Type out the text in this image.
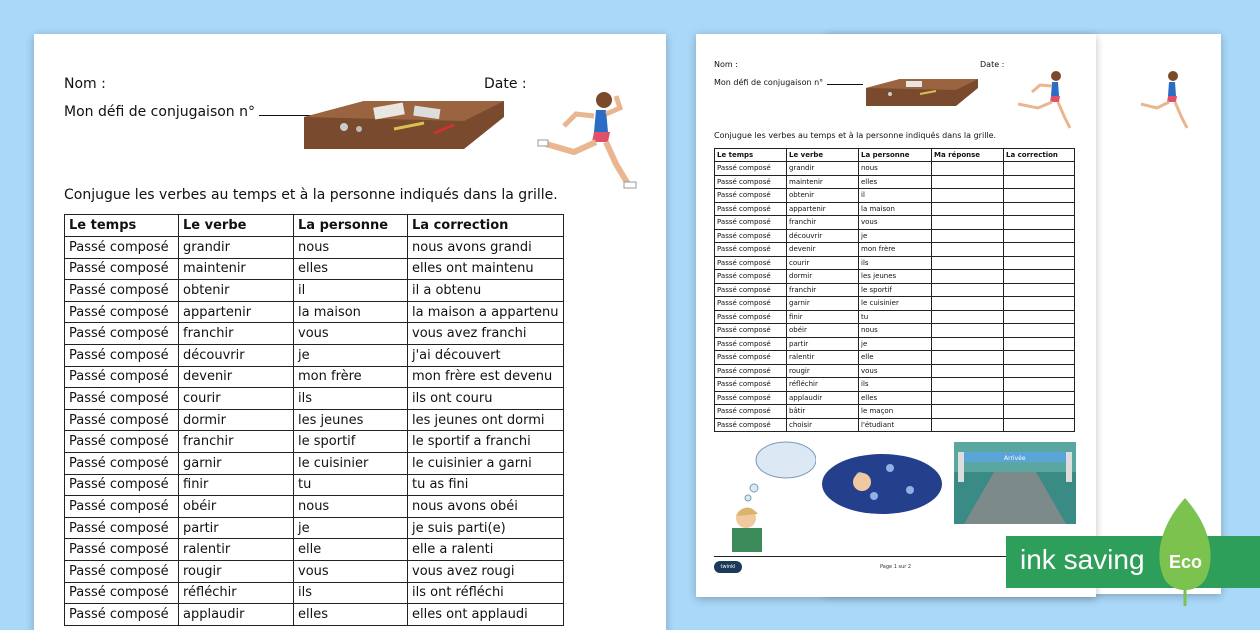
Nom :	Date :
Mon défi de conjugaison n°
Conjugue les verbes au temps et à la personne indiqués dans la grille.
Le temps	Le verbe	La personne	La correction
Passé composé	grandir	nous	nous avons grandi
Passé composé	maintenir	elles	elles ont maintenu
Passé composé	obtenir	il	il a obtenu
Passé composé	appartenir	la maison	la maison a appartenu
Passé composé	franchir	vous	vous avez franchi
Passé composé	découvrir	je	j'ai découvert
Passé composé	devenir	mon frère	mon frère est devenu
Passé composé	courir	ils	ils ont couru
Passé composé	dormir	les jeunes	les jeunes ont dormi
Passé composé	franchir	le sportif	le sportif a franchi
Passé composé	garnir	le cuisinier	le cuisinier a garni
Passé composé	finir	tu	tu as fini
Passé composé	obéir	nous	nous avons obéi
Passé composé	partir	je	je suis parti(e)
Passé composé	ralentir	elle	elle a ralenti
Passé composé	rougir	vous	vous avez rougi
Passé composé	réfléchir	ils	ils ont réfléchi
Passé composé	applaudir	elles	elles ont applaudi

Nom :	Date :
Mon défi de conjugaison n°
Conjugue les verbes au temps et à la personne indiqués dans la grille.
Le temps	Le verbe	La personne	Ma réponse	La correction
Passé composé	grandir	nous		
Passé composé	maintenir	elles		
Passé composé	obtenir	il		
Passé composé	appartenir	la maison		
Passé composé	franchir	vous		
Passé composé	découvrir	je		
Passé composé	devenir	mon frère		
Passé composé	courir	ils		
Passé composé	dormir	les jeunes		
Passé composé	franchir	le sportif		
Passé composé	garnir	le cuisinier		
Passé composé	finir	tu		
Passé composé	obéir	nous		
Passé composé	partir	je		
Passé composé	ralentir	elle		
Passé composé	rougir	vous		
Passé composé	réfléchir	ils		
Passé composé	applaudir	elles		
Passé composé	bâtir	le maçon		
Passé composé	choisir	l'étudiant		
Arrivée
twinkl	Page 1 sur 2	ink saving Eco
